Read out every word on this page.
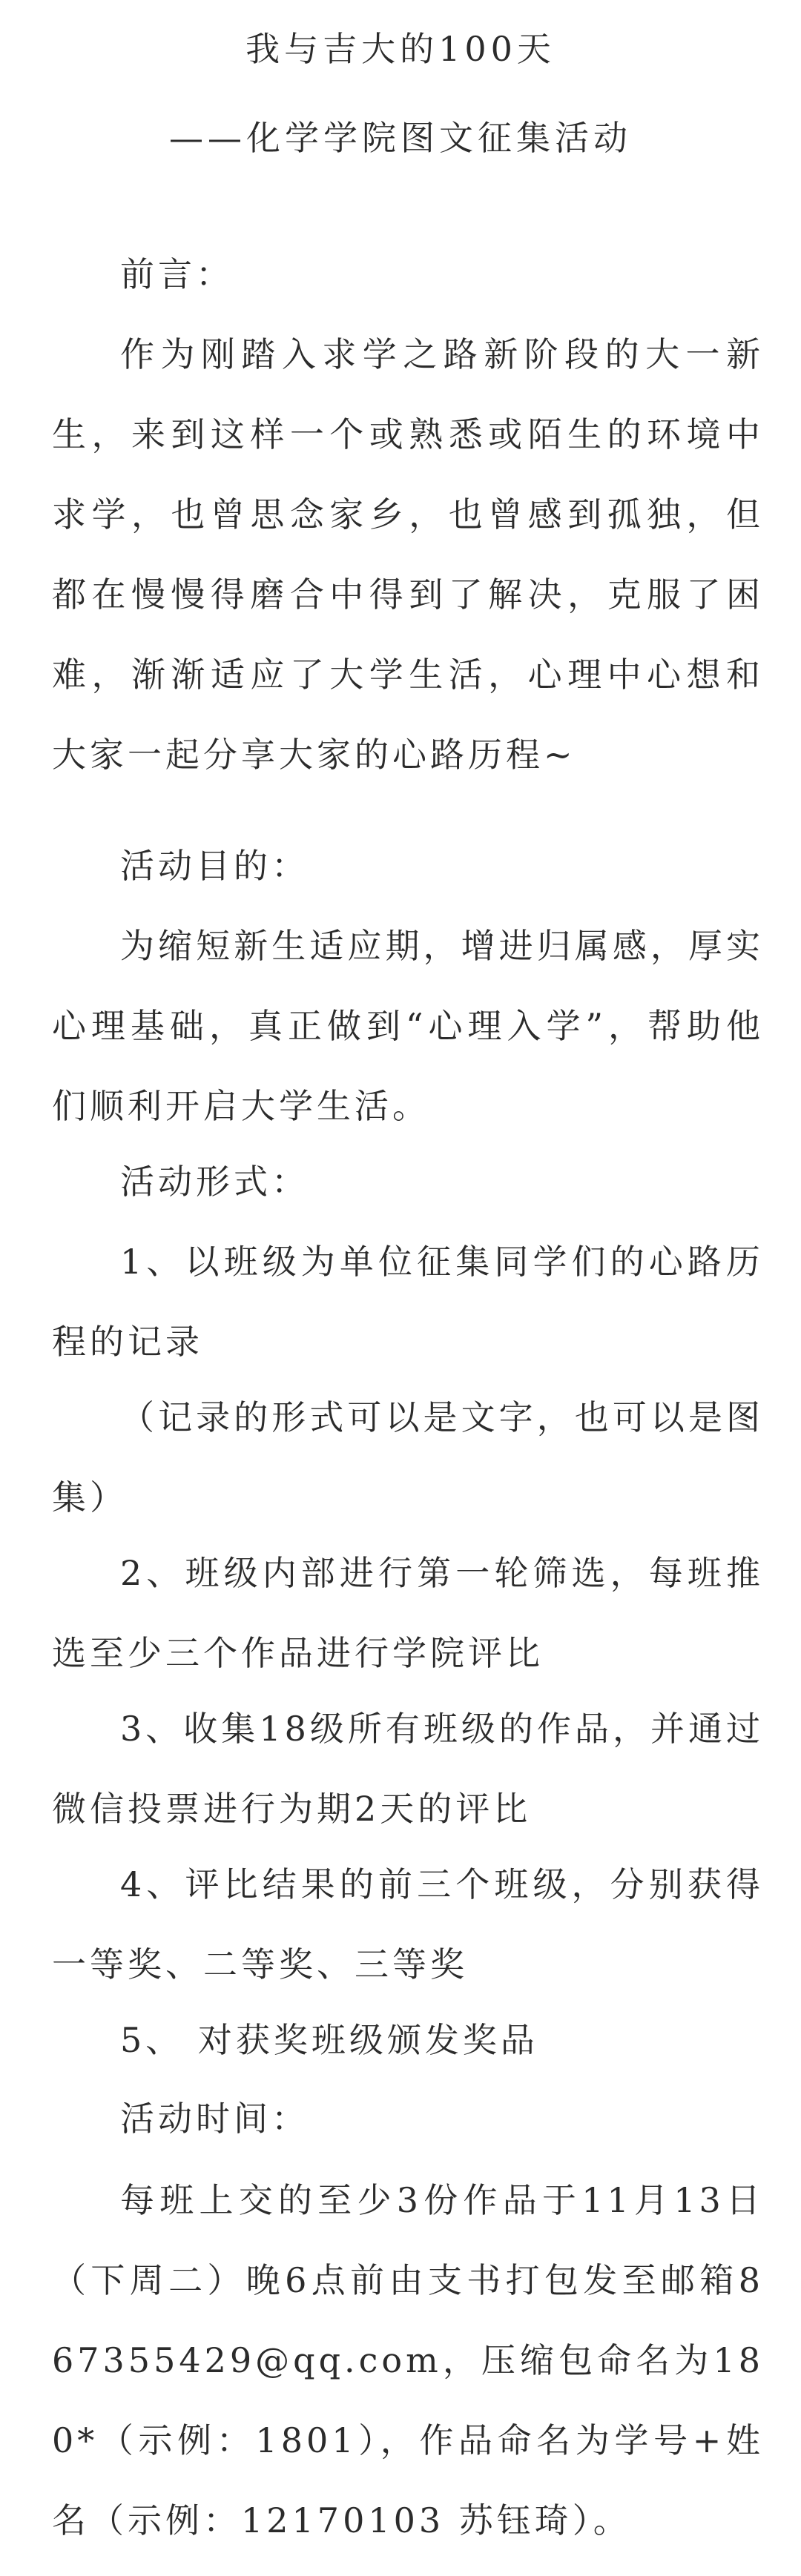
我与吉大的100天
——化学学院图文征集活动

前言：

作为刚踏入求学之路新阶段的大一新生，来到这样一个或熟悉或陌生的环境中求学，也曾思念家乡，也曾感到孤独，但都在慢慢得磨合中得到了解决，克服了困难，渐渐适应了大学生活，心理中心想和大家一起分享大家的心路历程~

活动目的：

为缩短新生适应期，增进归属感，厚实心理基础，真正做到“心理入学”，帮助他们顺利开启大学生活。

活动形式：

1、以班级为单位征集同学们的心路历程的记录

（记录的形式可以是文字，也可以是图集）

2、班级内部进行第一轮筛选，每班推选至少三个作品进行学院评比

3、收集18级所有班级的作品，并通过微信投票进行为期2天的评比

4、评比结果的前三个班级，分别获得一等奖、二等奖、三等奖

5、 对获奖班级颁发奖品

活动时间：

每班上交的至少3份作品于11月13日（下周二）晚6点前由支书打包发至邮箱867355429@qq.com，压缩包命名为180*（示例：1801），作品命名为学号+姓名（示例：12170103 苏钰琦）。
